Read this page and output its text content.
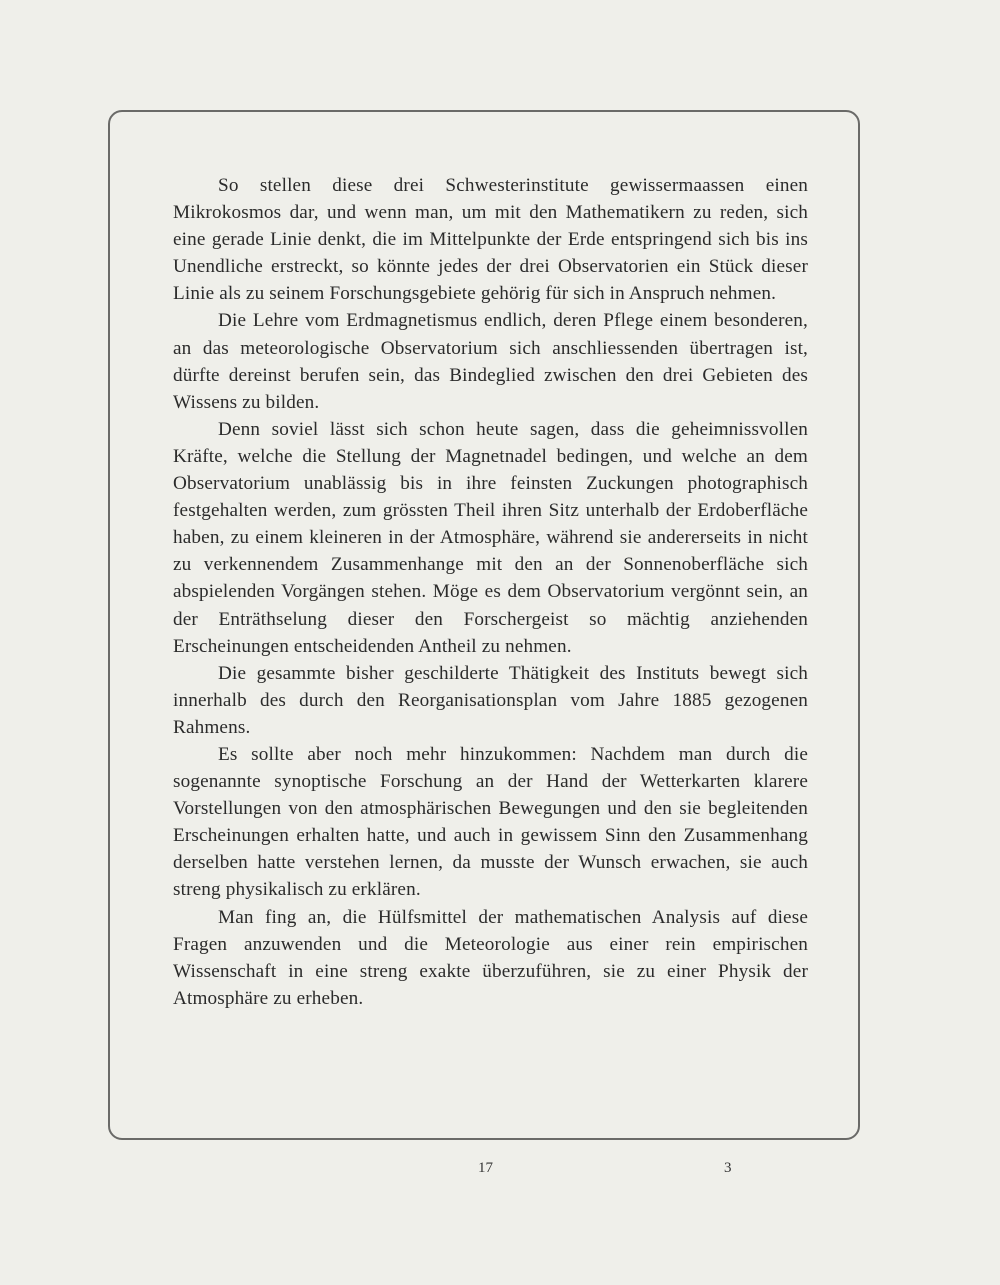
So stellen diese drei Schwesterinstitute gewissermaassen einen Mikrokosmos dar, und wenn man, um mit den Mathematikern zu reden, sich eine gerade Linie denkt, die im Mittelpunkte der Erde entspringend sich bis ins Unendliche erstreckt, so könnte jedes der drei Observatorien ein Stück dieser Linie als zu seinem Forschungsgebiete gehörig für sich in Anspruch nehmen.

Die Lehre vom Erdmagnetismus endlich, deren Pflege einem besonderen, an das meteorologische Observatorium sich anschliessenden übertragen ist, dürfte dereinst berufen sein, das Bindeglied zwischen den drei Gebieten des Wissens zu bilden.

Denn soviel lässt sich schon heute sagen, dass die geheimnissvollen Kräfte, welche die Stellung der Magnetnadel bedingen, und welche an dem Observatorium unablässig bis in ihre feinsten Zuckungen photographisch festgehalten werden, zum grössten Theil ihren Sitz unterhalb der Erdoberfläche haben, zu einem kleineren in der Atmosphäre, während sie andererseits in nicht zu verkennendem Zusammenhange mit den an der Sonnenoberfläche sich abspielenden Vorgängen stehen. Möge es dem Observatorium vergönnt sein, an der Enträthselung dieser den Forschergeist so mächtig anziehenden Erscheinungen entscheidenden Antheil zu nehmen.

Die gesammte bisher geschilderte Thätigkeit des Instituts bewegt sich innerhalb des durch den Reorganisationsplan vom Jahre 1885 gezogenen Rahmens.

Es sollte aber noch mehr hinzukommen: Nachdem man durch die sogenannte synoptische Forschung an der Hand der Wetterkarten klarere Vorstellungen von den atmosphärischen Bewegungen und den sie begleitenden Erscheinungen erhalten hatte, und auch in gewissem Sinn den Zusammenhang derselben hatte verstehen lernen, da musste der Wunsch erwachen, sie auch streng physikalisch zu erklären.

Man fing an, die Hülfsmittel der mathematischen Analysis auf diese Fragen anzuwenden und die Meteorologie aus einer rein empirischen Wissenschaft in eine streng exakte überzuführen, sie zu einer Physik der Atmosphäre zu erheben.

17	3
